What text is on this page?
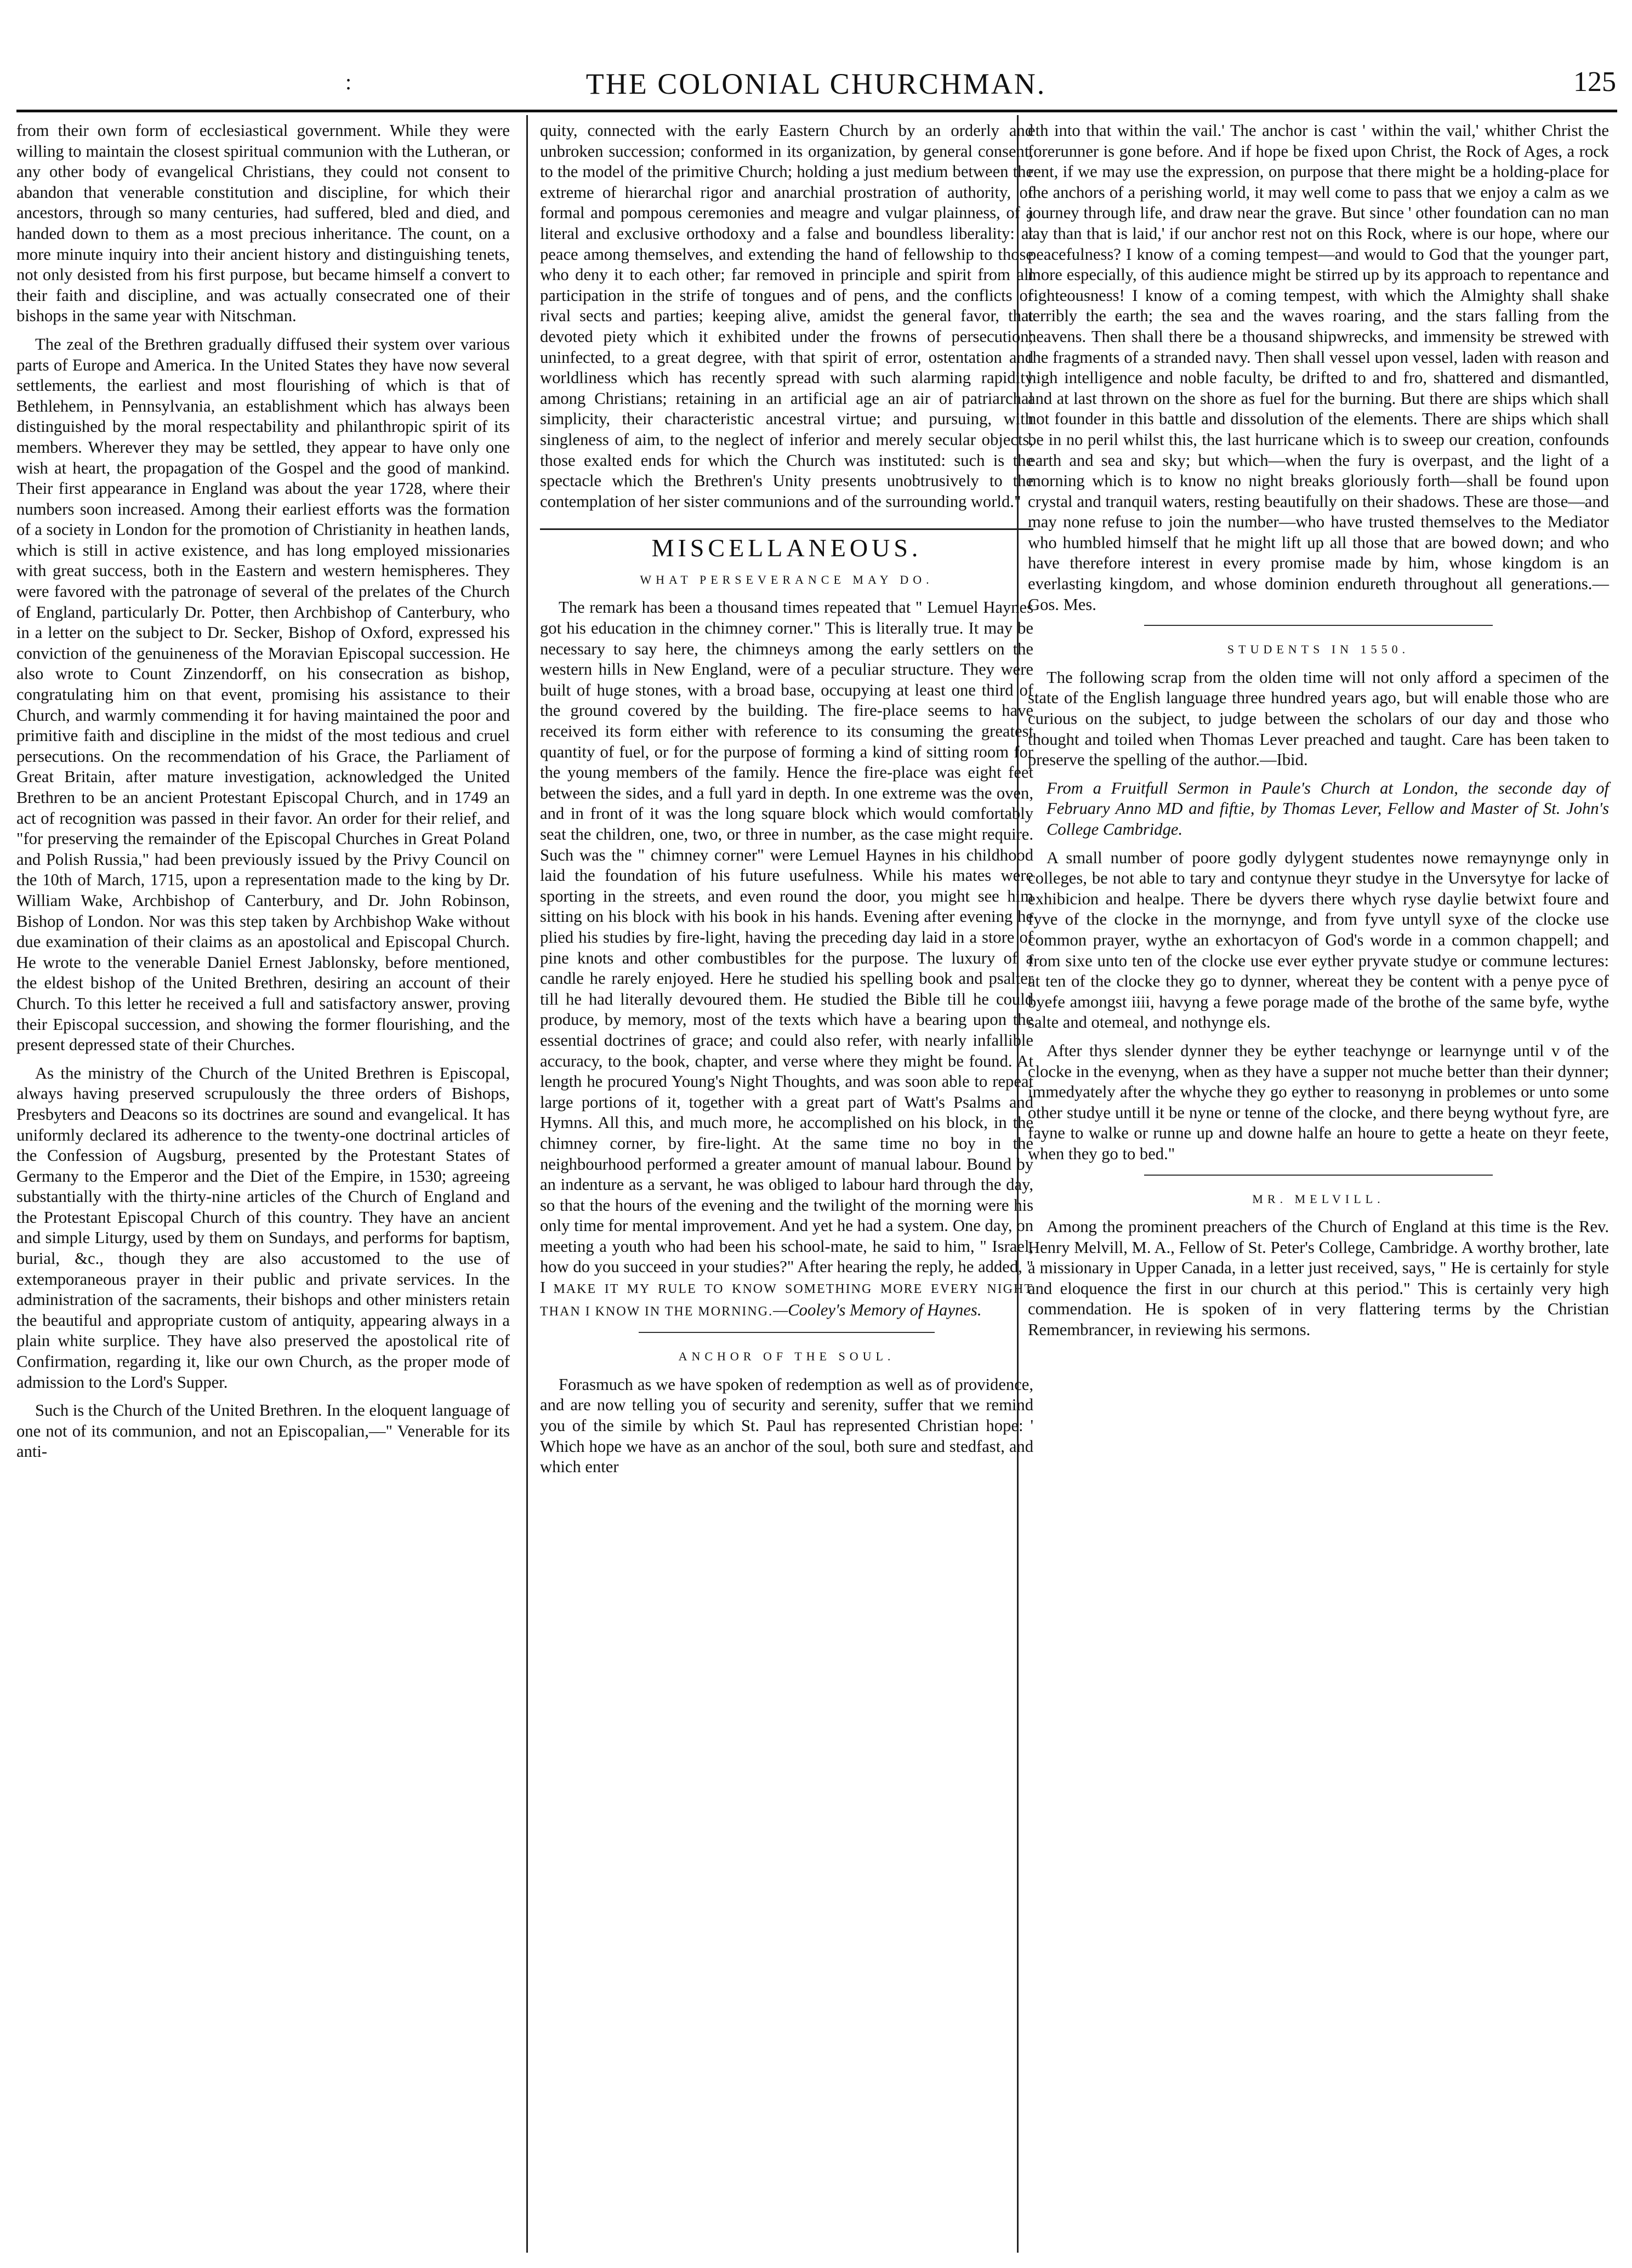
:	THE COLONIAL CHURCHMAN.	125

from their own form of ecclesiastical government. While they were willing to maintain the closest spiritual communion with the Lutheran, or any other body of evangelical Christians, they could not consent to abandon that venerable constitution and discipline, for which their ancestors, through so many centuries, had suffered, bled and died, and handed down to them as a most precious inheritance. The count, on a more minute inquiry into their ancient history and distinguishing tenets, not only desisted from his first purpose, but became himself a convert to their faith and discipline, and was actually consecrated one of their bishops in the same year with Nitschman.

The zeal of the Brethren gradually diffused their system over various parts of Europe and America. In the United States they have now several settlements, the earliest and most flourishing of which is that of Bethlehem, in Pennsylvania, an establishment which has always been distinguished by the moral respectability and philanthropic spirit of its members. Wherever they may be settled, they appear to have only one wish at heart, the propagation of the Gospel and the good of mankind. Their first appearance in England was about the year 1728, where their numbers soon increased. Among their earliest efforts was the formation of a society in London for the promotion of Christianity in heathen lands, which is still in active existence, and has long employed missionaries with great success, both in the Eastern and western hemispheres. They were favored with the patronage of several of the prelates of the Church of England, particularly Dr. Potter, then Archbishop of Canterbury, who in a letter on the subject to Dr. Secker, Bishop of Oxford, expressed his conviction of the genuineness of the Moravian Episcopal succession. He also wrote to Count Zinzendorff, on his consecration as bishop, congratulating him on that event, promising his assistance to their Church, and warmly commending it for having maintained the poor and primitive faith and discipline in the midst of the most tedious and cruel persecutions. On the recommendation of his Grace, the Parliament of Great Britain, after mature investigation, acknowledged the United Brethren to be an ancient Protestant Episcopal Church, and in 1749 an act of recognition was passed in their favor. An order for their relief, and "for preserving the remainder of the Episcopal Churches in Great Poland and Polish Russia," had been previously issued by the Privy Council on the 10th of March, 1715, upon a representation made to the king by Dr. William Wake, Archbishop of Canterbury, and Dr. John Robinson, Bishop of London. Nor was this step taken by Archbishop Wake without due examination of their claims as an apostolical and Episcopal Church. He wrote to the venerable Daniel Ernest Jablonsky, before mentioned, the eldest bishop of the United Brethren, desiring an account of their Church. To this letter he received a full and satisfactory answer, proving their Episcopal succession, and showing the former flourishing, and the present depressed state of their Churches.

As the ministry of the Church of the United Brethren is Episcopal, always having preserved scrupulously the three orders of Bishops, Presbyters and Deacons so its doctrines are sound and evangelical. It has uniformly declared its adherence to the twenty-one doctrinal articles of the Confession of Augsburg, presented by the Protestant States of Germany to the Emperor and the Diet of the Empire, in 1530; agreeing substantially with the thirty-nine articles of the Church of England and the Protestant Episcopal Church of this country. They have an ancient and simple Liturgy, used by them on Sundays, and performs for baptism, burial, &c., though they are also accustomed to the use of extemporaneous prayer in their public and private services. In the administration of the sacraments, their bishops and other ministers retain the beautiful and appropriate custom of antiquity, appearing always in a plain white surplice. They have also preserved the apostolical rite of Confirmation, regarding it, like our own Church, as the proper mode of admission to the Lord's Supper.

Such is the Church of the United Brethren. In the eloquent language of one not of its communion, and not an Episcopalian,—" Venerable for its anti-

quity, connected with the early Eastern Church by an orderly and unbroken succession; conformed in its organization, by general consent, to the model of the primitive Church; holding a just medium between the extreme of hierarchal rigor and anarchial prostration of authority, of formal and pompous ceremonies and meagre and vulgar plainness, of a literal and exclusive orthodoxy and a false and boundless liberality: at peace among themselves, and extending the hand of fellowship to those who deny it to each other; far removed in principle and spirit from all participation in the strife of tongues and of pens, and the conflicts of rival sects and parties; keeping alive, amidst the general favor, that devoted piety which it exhibited under the frowns of persecution; uninfected, to a great degree, with that spirit of error, ostentation and worldliness which has recently spread with such alarming rapidity among Christians; retaining in an artificial age an air of patriarchal simplicity, their characteristic ancestral virtue; and pursuing, with singleness of aim, to the neglect of inferior and merely secular objects, those exalted ends for which the Church was instituted: such is the spectacle which the Brethren's Unity presents unobtrusively to the contemplation of her sister communions and of the surrounding world."

MISCELLANEOUS.
WHAT PERSEVERANCE MAY DO.

The remark has been a thousand times repeated that " Lemuel Haynes got his education in the chimney corner." This is literally true. It may be necessary to say here, the chimneys among the early settlers on the western hills in New England, were of a peculiar structure. They were built of huge stones, with a broad base, occupying at least one third of the ground covered by the building. The fire-place seems to have received its form either with reference to its consuming the greatest quantity of fuel, or for the purpose of forming a kind of sitting room for the young members of the family. Hence the fire-place was eight feet between the sides, and a full yard in depth. In one extreme was the oven, and in front of it was the long square block which would comfortably seat the children, one, two, or three in number, as the case might require. Such was the " chimney corner" were Lemuel Haynes in his childhood laid the foundation of his future usefulness. While his mates were sporting in the streets, and even round the door, you might see him sitting on his block with his book in his hands. Evening after evening he plied his studies by fire-light, having the preceding day laid in a store of pine knots and other combustibles for the purpose. The luxury of a candle he rarely enjoyed. Here he studied his spelling book and psalter till he had literally devoured them. He studied the Bible till he could produce, by memory, most of the texts which have a bearing upon the essential doctrines of grace; and could also refer, with nearly infallible accuracy, to the book, chapter, and verse where they might be found. At length he procured Young's Night Thoughts, and was soon able to repeat large portions of it, together with a great part of Watt's Psalms and Hymns. All this, and much more, he accomplished on his block, in the chimney corner, by fire-light. At the same time no boy in the neighbourhood performed a greater amount of manual labour. Bound by an indenture as a servant, he was obliged to labour hard through the day, so that the hours of the evening and the twilight of the morning were his only time for mental improvement. And yet he had a system. One day, on meeting a youth who had been his school-mate, he said to him, " Israel, how do you succeed in your studies?" After hearing the reply, he added, " I MAKE IT MY RULE TO KNOW SOMETHING MORE EVERY NIGHT THAN I KNOW IN THE MORNING.—Cooley's Memory of Haynes.

ANCHOR OF THE SOUL.

Forasmuch as we have spoken of redemption as well as of providence, and are now telling you of security and serenity, suffer that we remind you of the simile by which St. Paul has represented Christian hope: ' Which hope we have as an anchor of the soul, both sure and stedfast, and which enter

eth into that within the vail.' The anchor is cast ' within the vail,' whither Christ the forerunner is gone before. And if hope be fixed upon Christ, the Rock of Ages, a rock rent, if we may use the expression, on purpose that there might be a holding-place for the anchors of a perishing world, it may well come to pass that we enjoy a calm as we journey through life, and draw near the grave. But since ' other foundation can no man lay than that is laid,' if our anchor rest not on this Rock, where is our hope, where our peacefulness? I know of a coming tempest—and would to God that the younger part, more especially, of this audience might be stirred up by its approach to repentance and righteousness! I know of a coming tempest, with which the Almighty shall shake terribly the earth; the sea and the waves roaring, and the stars falling from the heavens. Then shall there be a thousand shipwrecks, and immensity be strewed with the fragments of a stranded navy. Then shall vessel upon vessel, laden with reason and high intelligence and noble faculty, be drifted to and fro, shattered and dismantled, and at last thrown on the shore as fuel for the burning. But there are ships which shall not founder in this battle and dissolution of the elements. There are ships which shall be in no peril whilst this, the last hurricane which is to sweep our creation, confounds earth and sea and sky; but which—when the fury is overpast, and the light of a morning which is to know no night breaks gloriously forth—shall be found upon crystal and tranquil waters, resting beautifully on their shadows. These are those—and may none refuse to join the number—who have trusted themselves to the Mediator who humbled himself that he might lift up all those that are bowed down; and who have therefore interest in every promise made by him, whose kingdom is an everlasting kingdom, and whose dominion endureth throughout all generations.— Gos. Mes.

STUDENTS IN 1550.

The following scrap from the olden time will not only afford a specimen of the state of the English language three hundred years ago, but will enable those who are curious on the subject, to judge between the scholars of our day and those who thought and toiled when Thomas Lever preached and taught. Care has been taken to preserve the spelling of the author.—Ibid.

From a Fruitfull Sermon in Paule's Church at London, the seconde day of February Anno MD and fiftie, by Thomas Lever, Fellow and Master of St. John's College Cambridge.

A small number of poore godly dylygent studentes nowe remaynynge only in colleges, be not able to tary and contynue theyr studye in the Unversytye for lacke of exhibicion and healpe. There be dyvers there whych ryse daylie betwixt foure and fyve of the clocke in the mornynge, and from fyve untyll syxe of the clocke use common prayer, wythe an exhortacyon of God's worde in a common chappell; and from sixe unto ten of the clocke use ever eyther pryvate studye or commune lectures: at ten of the clocke they go to dynner, whereat they be content with a penye pyce of byefe amongst iiii, havyng a fewe porage made of the brothe of the same byfe, wythe salte and otemeal, and nothynge els.

After thys slender dynner they be eyther teachynge or learnynge until v of the clocke in the evenyng, when as they have a supper not muche better than their dynner; immedyately after the whyche they go eyther to reasonyng in problemes or unto some other studye untill it be nyne or tenne of the clocke, and there beyng wythout fyre, are fayne to walke or runne up and downe halfe an houre to gette a heate on theyr feete, when they go to bed."

MR. MELVILL.

Among the prominent preachers of the Church of England at this time is the Rev. Henry Melvill, M. A., Fellow of St. Peter's College, Cambridge. A worthy brother, late a missionary in Upper Canada, in a letter just received, says, " He is certainly for style and eloquence the first in our church at this period." This is certainly very high commendation. He is spoken of in very flattering terms by the Christian Remembrancer, in reviewing his sermons.
